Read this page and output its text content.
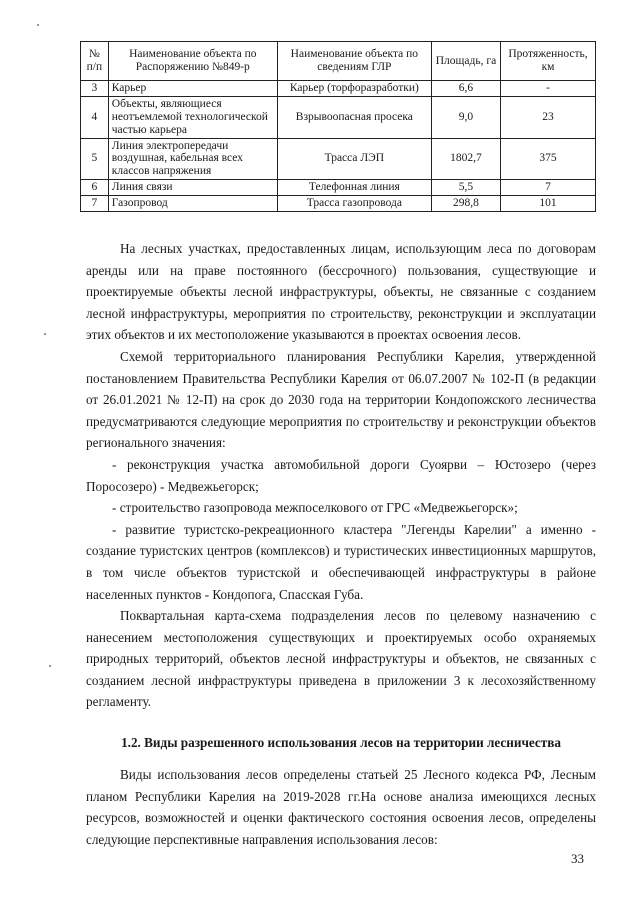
№ п/п	Наименование объекта по Распоряжению №849-р	Наименование объекта по сведениям ГЛР	Площадь, га	Протяженность, км
3	Карьер	Карьер (торфоразработки)	6,6	-
4	Объекты, являющиеся неотъемлемой технологической частью карьера	Взрывоопасная просека	9,0	23
5	Линия электропередачи воздушная, кабельная всех классов напряжения	Трасса ЛЭП	1802,7	375
6	Линия связи	Телефонная линия	5,5	7
7	Газопровод	Трасса газопровода	298,8	101

На лесных участках, предоставленных лицам, использующим леса по договорам аренды или на праве постоянного (бессрочного) пользования, существующие и проектируемые объекты лесной инфраструктуры, объекты, не связанные с созданием лесной инфраструктуры, мероприятия по строительству, реконструкции и эксплуатации этих объектов и их местоположение указываются в проектах освоения лесов.

Схемой территориального планирования Республики Карелия, утвержденной постановлением Правительства Республики Карелия от 06.07.2007 № 102-П (в редакции от 26.01.2021 № 12-П) на срок до 2030 года на территории Кондопожского лесничества предусматриваются следующие мероприятия по строительству и реконструкции объектов регионального значения:

- реконструкция участка автомобильной дороги Суоярви – Юстозеро (через Поросозеро) - Медвежьегорск;

- строительство газопровода межпоселкового от ГРС «Медвежьегорск»;

- развитие туристско-рекреационного кластера "Легенды Карелии" а именно - создание туристских центров (комплексов) и туристических инвестиционных маршрутов, в том числе объектов туристской и обеспечивающей инфраструктуры в районе населенных пунктов - Кондопога, Спасская Губа.

Поквартальная карта-схема подразделения лесов по целевому назначению с нанесением местоположения существующих и проектируемых особо охраняемых природных территорий, объектов лесной инфраструктуры и объектов, не связанных с созданием лесной инфраструктуры приведена в приложении 3 к лесохозяйственному регламенту.

1.2. Виды разрешенного использования лесов на территории лесничества

Виды использования лесов определены статьей 25 Лесного кодекса РФ, Лесным планом Республики Карелия на 2019-2028 гг.На основе анализа имеющихся лесных ресурсов, возможностей и оценки фактического состояния освоения лесов, определены следующие перспективные направления использования лесов:

33
